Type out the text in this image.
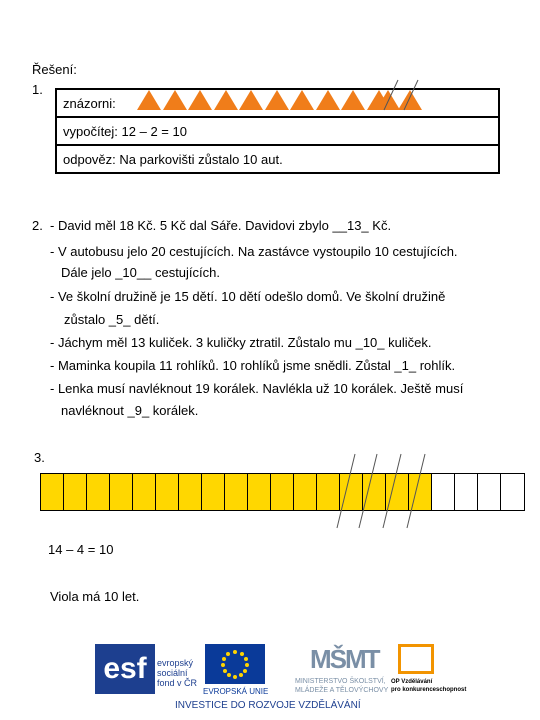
Řešení:
1.
znázorni:
vypočítej: 12 – 2 = 10
odpověz: Na parkovišti zůstalo 10 aut.
2. - David měl 18 Kč. 5 Kč dal Sáře. Davidovi zbylo __13_ Kč.
- V autobusu jelo 20 cestujících. Na zastávce vystoupilo 10 cestujících.
Dále jelo _10__ cestujících.
- Ve školní družině je 15 dětí. 10 dětí odešlo domů. Ve školní družině
zůstalo _5_ dětí.
- Jáchym měl 13 kuliček. 3 kuličky ztratil. Zůstalo mu _10_ kuliček.
- Maminka koupila 11 rohlíků. 10 rohlíků jsme snědli. Zůstal _1_ rohlík.
- Lenka musí navléknout 19 korálek. Navlékla už 10 korálek. Ještě musí
navléknout _9_ korálek.
3.
14 – 4 = 10
Viola má 10 let.
esf	evropský
sociální
fond v ČR
EVROPSKÁ UNIE
MŠMT
MINISTERSTVO ŠKOLSTVÍ,
MLÁDEŽE A TĚLOVÝCHOVY
OP Vzdělávání
pro konkurenceschopnost
INVESTICE DO ROZVOJE VZDĚLÁVÁNÍ
